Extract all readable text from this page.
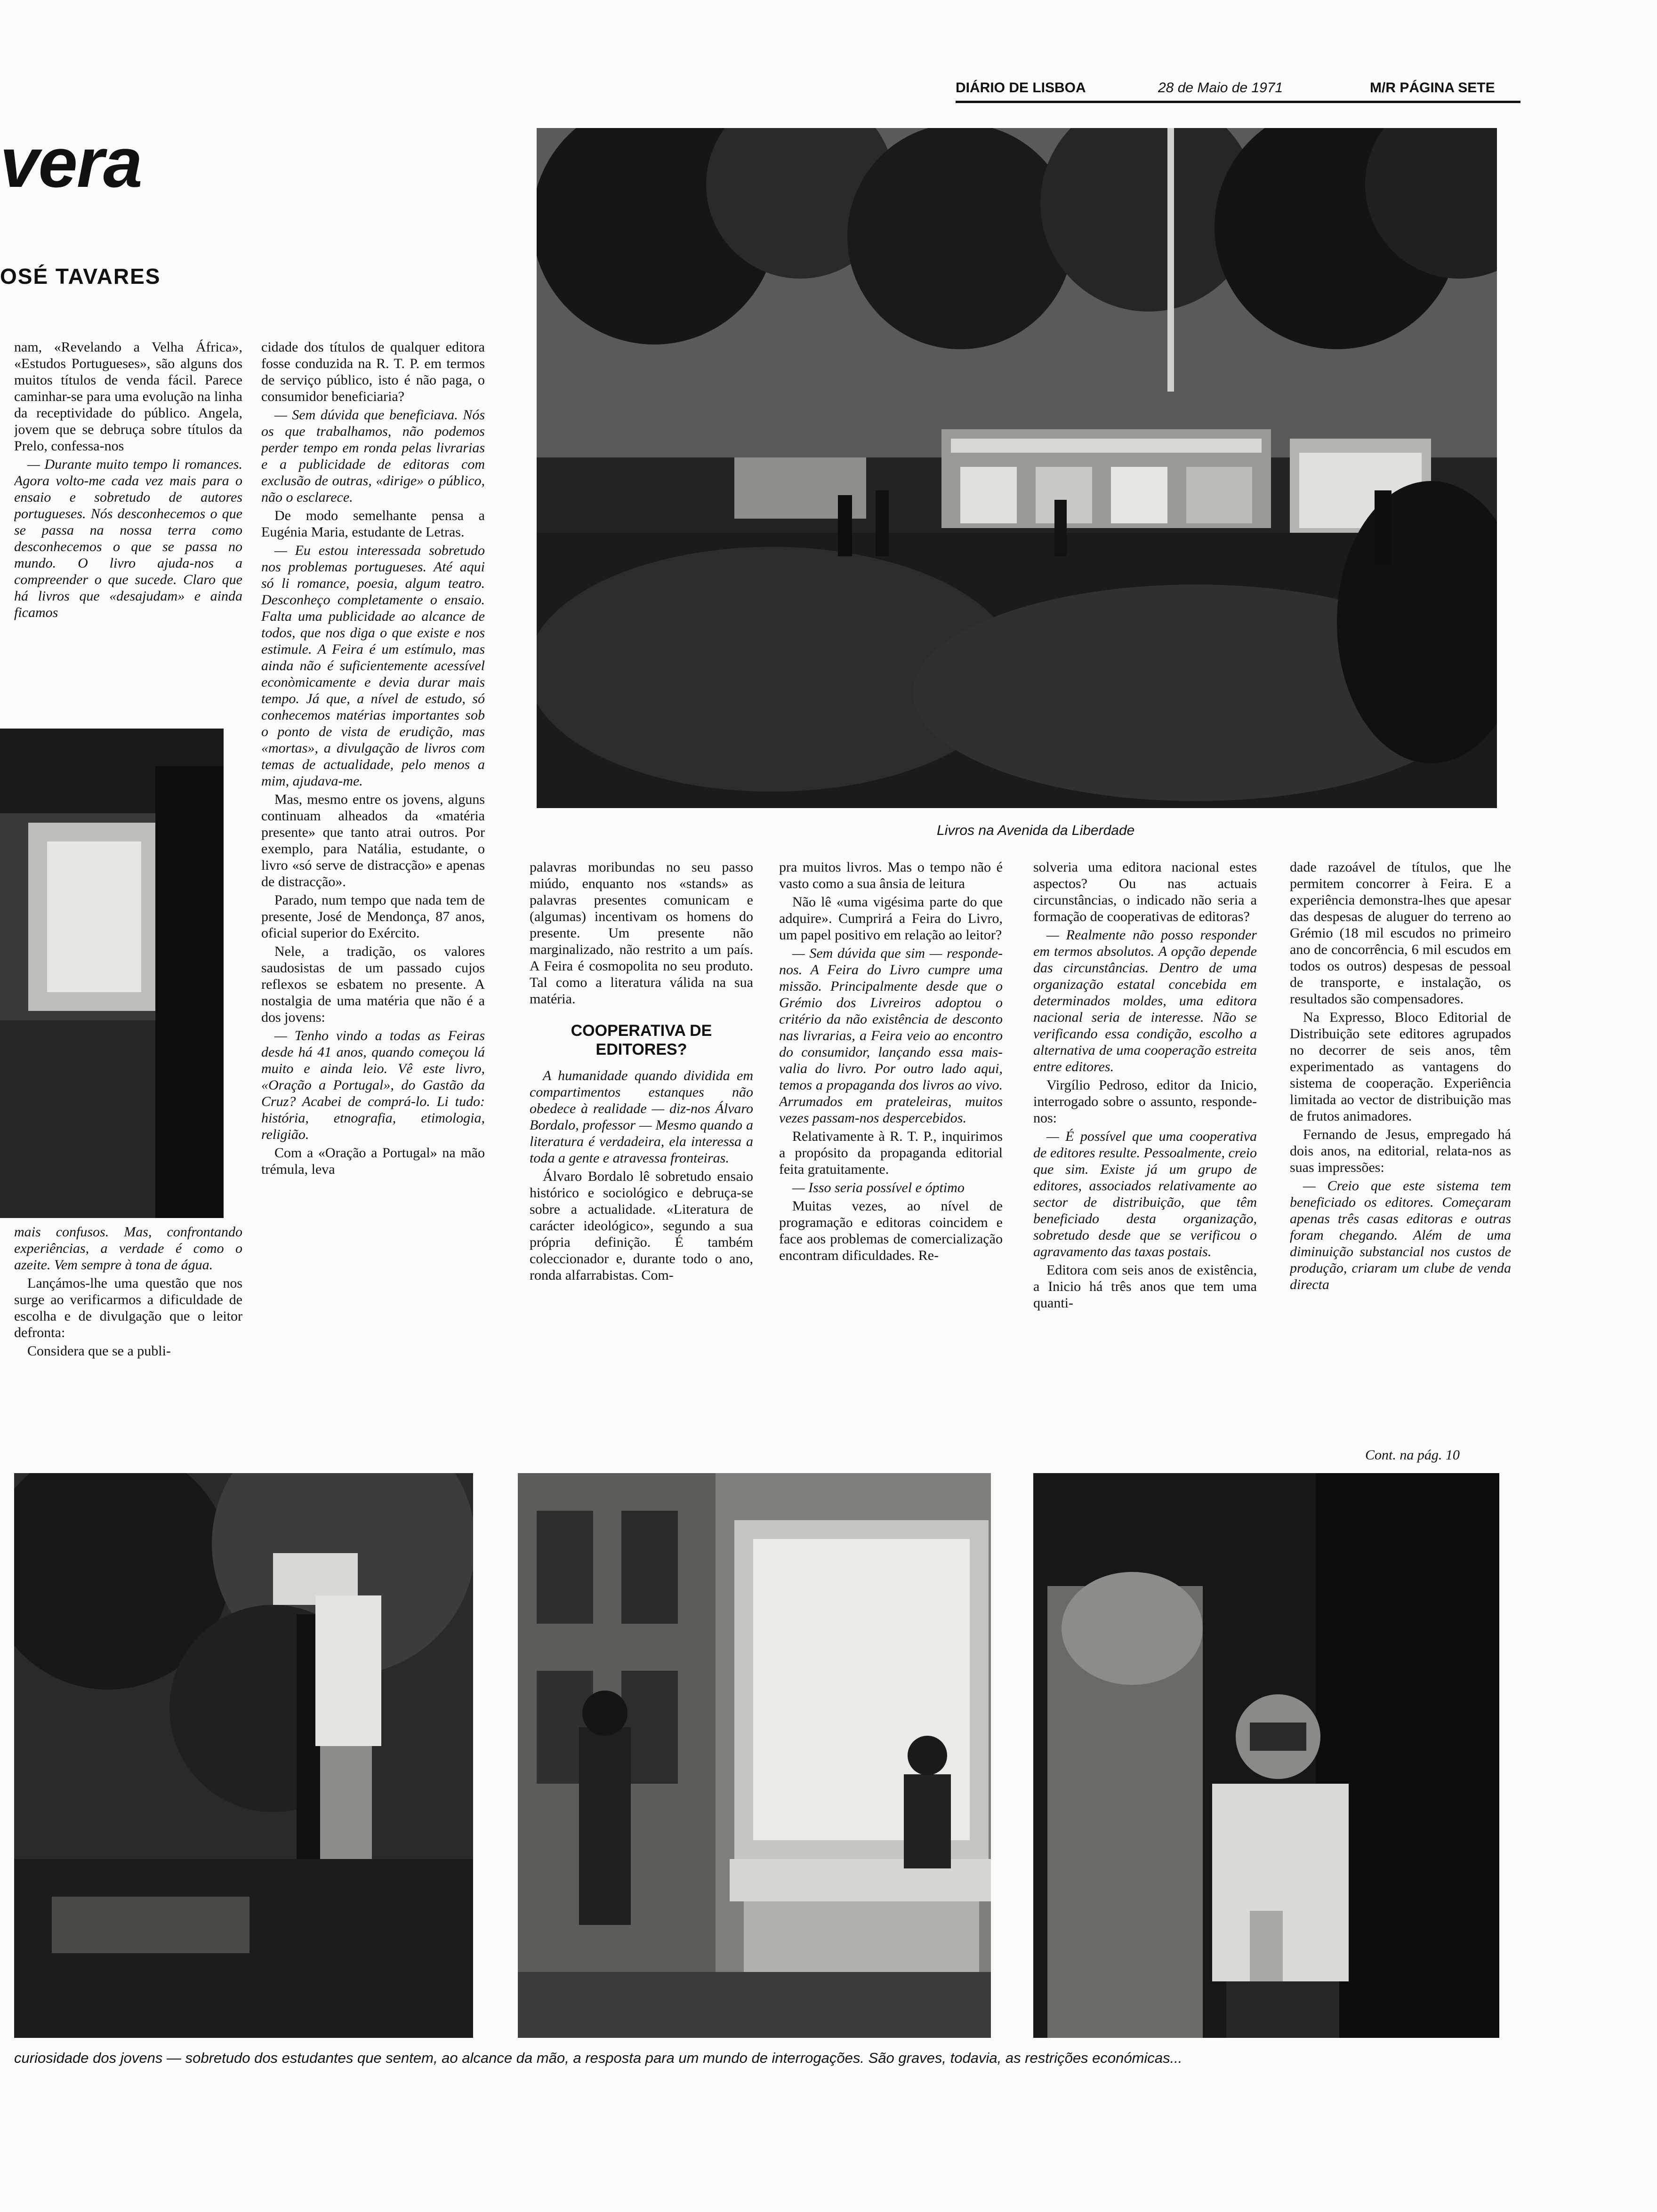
DIÁRIO DE LISBOA	28 de Maio de 1971	M/R PÁGINA SETE
vera
OSÉ TAVARES
Livros na Avenida da Liberdade

nam, «Revelando a Velha África», «Estudos Portugueses», são alguns dos muitos títulos de venda fácil. Parece caminhar-se para uma evolução na linha da receptividade do público. Angela, jovem que se debruça sobre títulos da Prelo, confessa-nos

— Durante muito tempo li romances. Agora volto-me cada vez mais para o ensaio e sobretudo de autores portugueses. Nós desconhecemos o que se passa na nossa terra como desconhecemos o que se passa no mundo. O livro ajuda-nos a compreender o que sucede. Claro que há livros que «desajudam» e ainda ficamos

mais confusos. Mas, confrontando experiências, a verdade é como o azeite. Vem sempre à tona de água.

Lançámos-lhe uma questão que nos surge ao verificarmos a dificuldade de escolha e de divulgação que o leitor defronta:

Considera que se a publi-

cidade dos títulos de qualquer editora fosse conduzida na R. T. P. em termos de serviço público, isto é não paga, o consumidor beneficiaria?

— Sem dúvida que beneficiava. Nós os que trabalhamos, não podemos perder tempo em ronda pelas livrarias e a publicidade de editoras com exclusão de outras, «dirige» o público, não o esclarece.

De modo semelhante pensa a Eugénia Maria, estudante de Letras.

— Eu estou interessada sobretudo nos problemas portugueses. Até aqui só li romance, poesia, algum teatro. Desconheço completamente o ensaio. Falta uma publicidade ao alcance de todos, que nos diga o que existe e nos estimule. A Feira é um estímulo, mas ainda não é suficientemente acessível econòmicamente e devia durar mais tempo. Já que, a nível de estudo, só conhecemos matérias importantes sob o ponto de vista de erudição, mas «mortas», a divulgação de livros com temas de actualidade, pelo menos a mim, ajudava-me.

Mas, mesmo entre os jovens, alguns continuam alheados da «matéria presente» que tanto atrai outros. Por exemplo, para Natália, estudante, o livro «só serve de distracção» e apenas de distracção».

Parado, num tempo que nada tem de presente, José de Mendonça, 87 anos, oficial superior do Exército.

Nele, a tradição, os valores saudosistas de um passado cujos reflexos se esbatem no presente. A nostalgia de uma matéria que não é a dos jovens:

— Tenho vindo a todas as Feiras desde há 41 anos, quando começou lá muito e ainda leio. Vê este livro, «Oração a Portugal», do Gastão da Cruz? Acabei de comprá-lo. Li tudo: história, etnografia, etimologia, religião.

Com a «Oração a Portugal» na mão trémula, leva

palavras moribundas no seu passo miúdo, enquanto nos «stands» as palavras presentes comunicam e (algumas) incentivam os homens do presente. Um presente não marginalizado, não restrito a um país. A Feira é cosmopolita no seu produto. Tal como a literatura válida na sua matéria.

COOPERATIVA DE EDITORES?

A humanidade quando dividida em compartimentos estanques não obedece à realidade — diz-nos Álvaro Bordalo, professor — Mesmo quando a literatura é verdadeira, ela interessa a toda a gente e atravessa fronteiras.

Álvaro Bordalo lê sobretudo ensaio histórico e sociológico e debruça-se sobre a actualidade. «Literatura de carácter ideológico», segundo a sua própria definição. É também coleccionador e, durante todo o ano, ronda alfarrabistas. Com-

pra muitos livros. Mas o tempo não é vasto como a sua ânsia de leitura

Não lê «uma vigésima parte do que adquire». Cumprirá a Feira do Livro, um papel positivo em relação ao leitor?

— Sem dúvida que sim — responde-nos. A Feira do Livro cumpre uma missão. Principalmente desde que o Grémio dos Livreiros adoptou o critério da não existência de desconto nas livrarias, a Feira veio ao encontro do consumidor, lançando essa mais-valia do livro. Por outro lado aqui, temos a propaganda dos livros ao vivo. Arrumados em prateleiras, muitos vezes passam-nos despercebidos.

Relativamente à R. T. P., inquirimos a propósito da propaganda editorial feita gratuitamente.

— Isso seria possível e óptimo

Muitas vezes, ao nível de programação e editoras coincidem e face aos problemas de comercialização encontram dificuldades. Re-

solveria uma editora nacional estes aspectos? Ou nas actuais circunstâncias, o indicado não seria a formação de cooperativas de editoras?

— Realmente não posso responder em termos absolutos. A opção depende das circunstâncias. Dentro de uma organização estatal concebida em determinados moldes, uma editora nacional seria de interesse. Não se verificando essa condição, escolho a alternativa de uma cooperação estreita entre editores.

Virgílio Pedroso, editor da Inicio, interrogado sobre o assunto, responde-nos:

— É possível que uma cooperativa de editores resulte. Pessoalmente, creio que sim. Existe já um grupo de editores, associados relativamente ao sector de distribuição, que têm beneficiado desta organização, sobretudo desde que se verificou o agravamento das taxas postais.

Editora com seis anos de existência, a Inicio há três anos que tem uma quanti-

dade razoável de títulos, que lhe permitem concorrer à Feira. E a experiência demonstra-lhes que apesar das despesas de aluguer do terreno ao Grémio (18 mil escudos no primeiro ano de concorrência, 6 mil escudos em todos os outros) despesas de pessoal de transporte, e instalação, os resultados são compensadores.

Na Expresso, Bloco Editorial de Distribuição sete editores agrupados no decorrer de seis anos, têm experimentado as vantagens do sistema de cooperação. Experiência limitada ao vector de distribuição mas de frutos animadores.

Fernando de Jesus, empregado há dois anos, na editorial, relata-nos as suas impressões:

— Creio que este sistema tem beneficiado os editores. Começaram apenas três casas editoras e outras foram chegando. Além de uma diminuição substancial nos custos de produção, criaram um clube de venda directa

Cont. na pág. 10
curiosidade dos jovens — sobretudo dos estudantes que sentem, ao alcance da mão, a resposta para um mundo de interrogações. São graves, todavia, as restrições económicas...
